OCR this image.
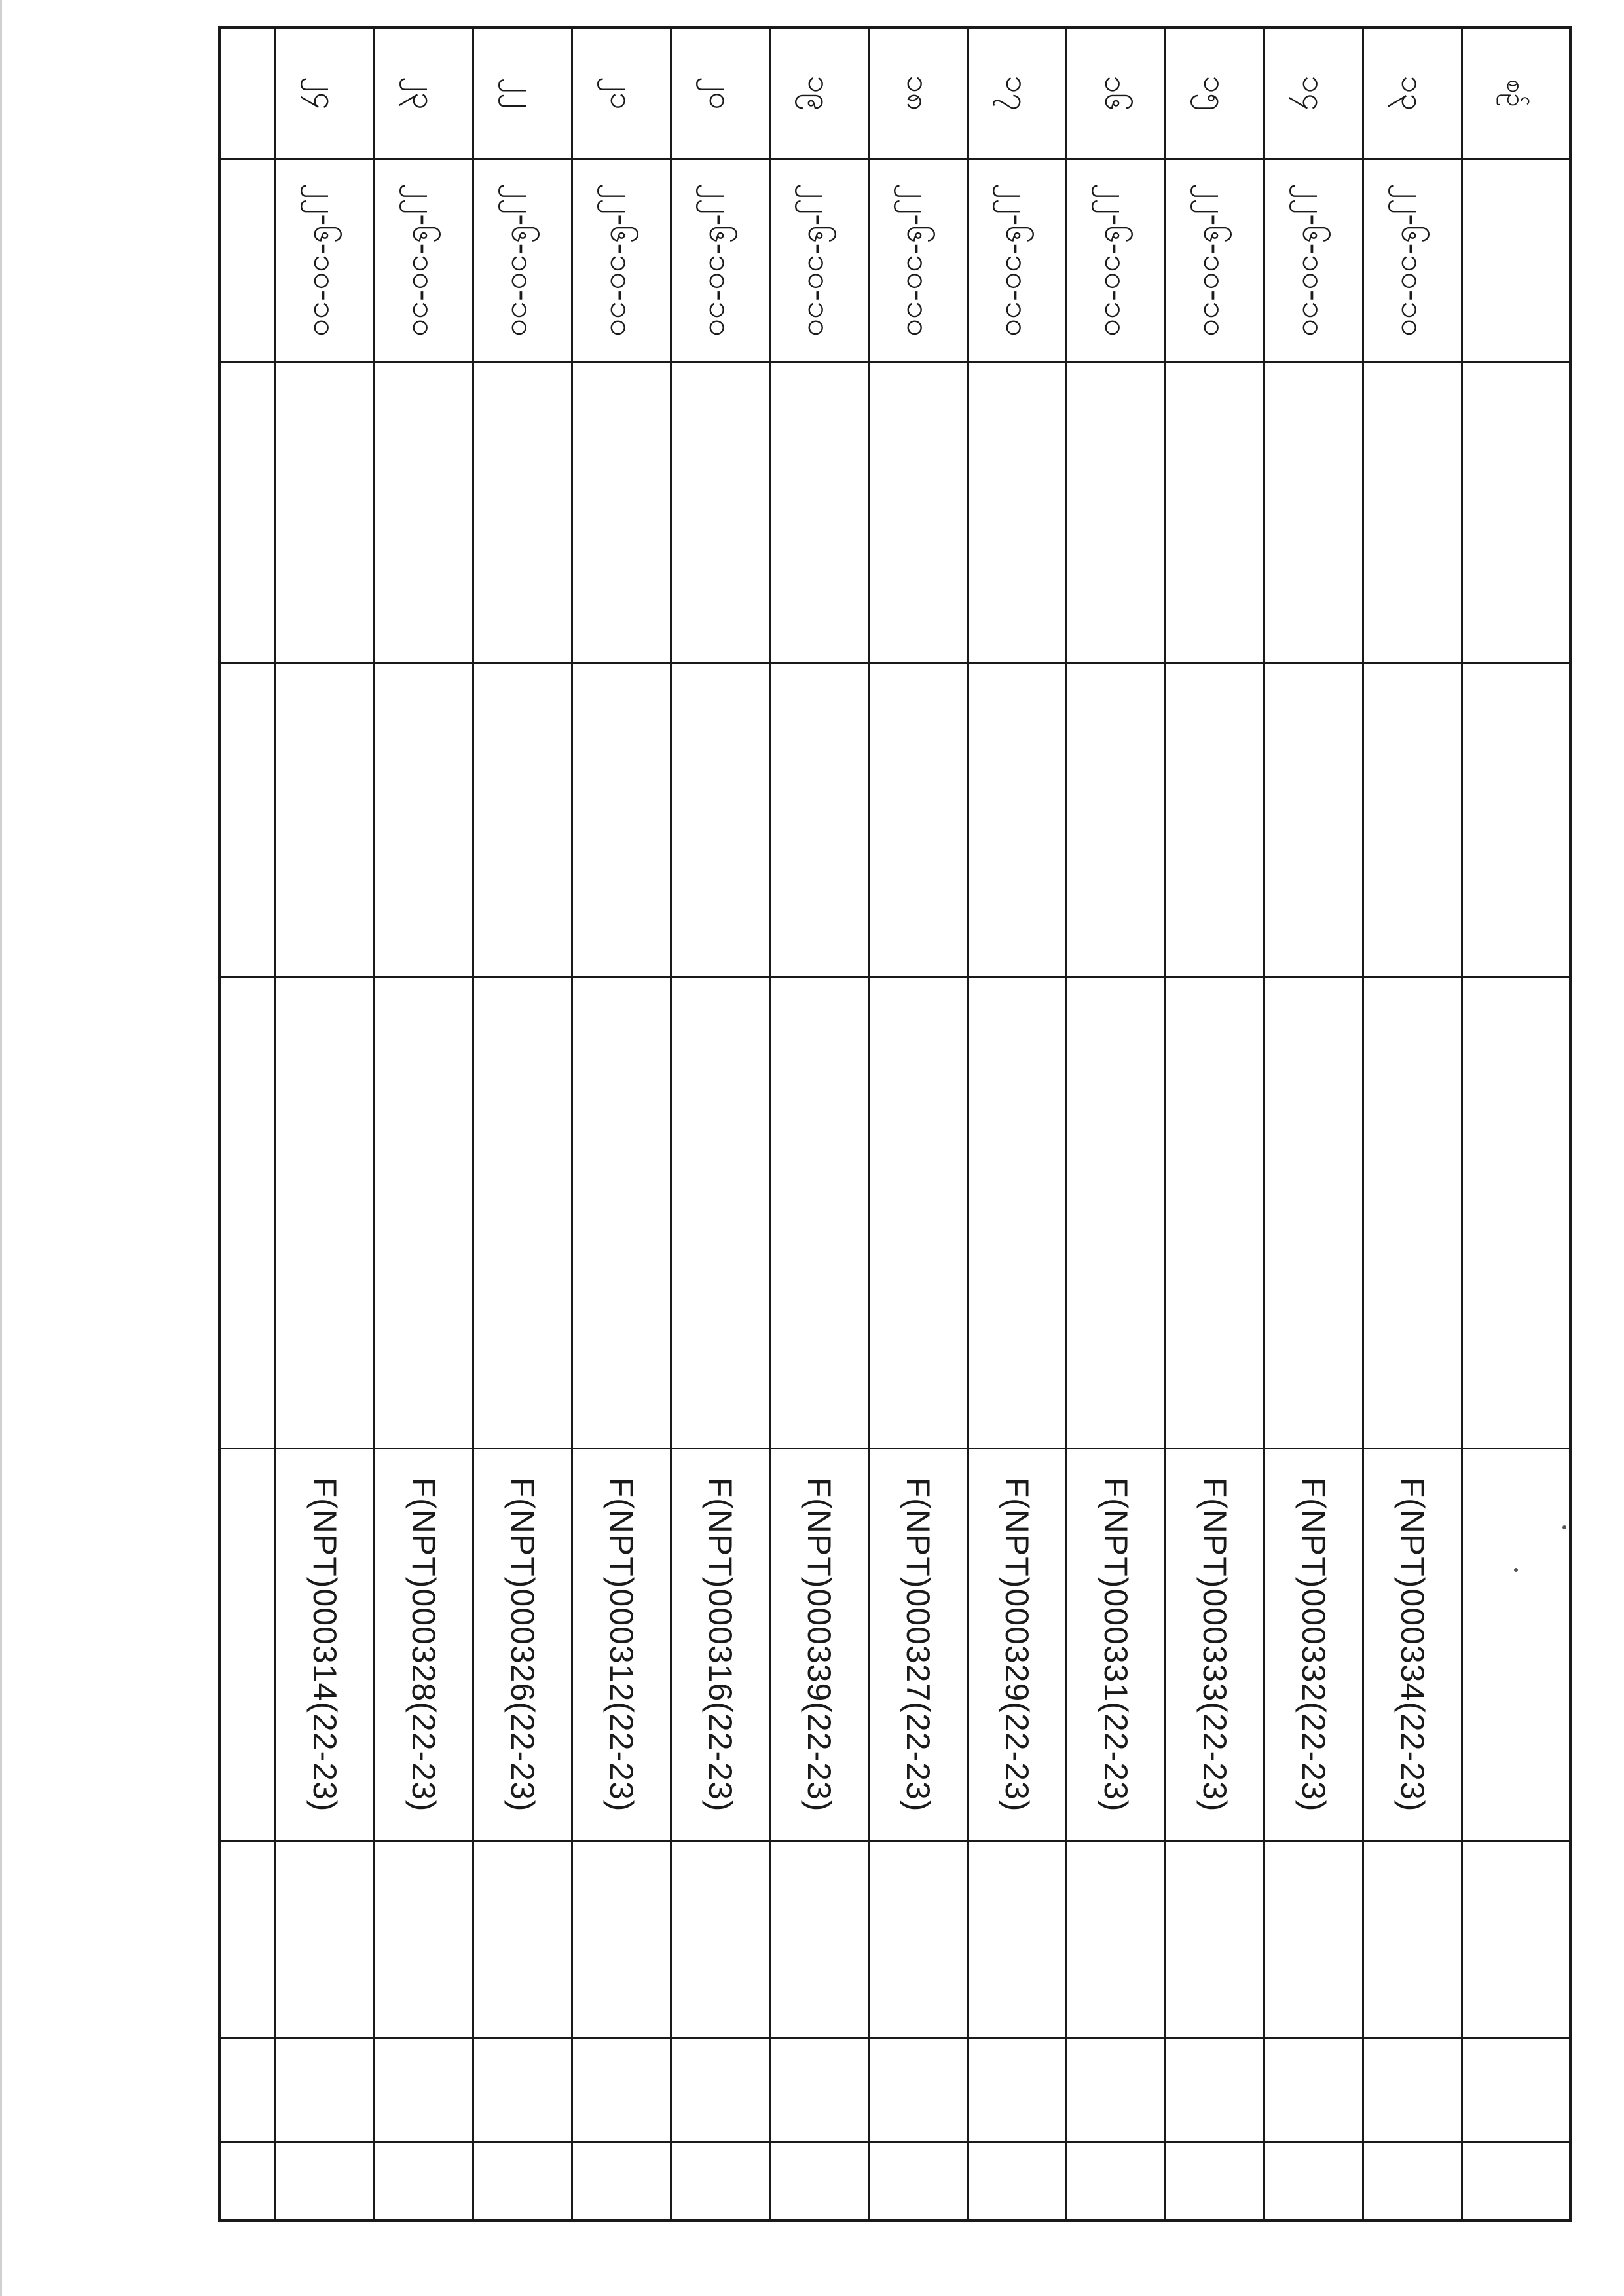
စဉ်								
၁၃	၂၂-၆-၁၀-၁၀				F(NPT)000334(22-23)			
၁၄	၂၂-၆-၁၀-၁၀				F(NPT)000332(22-23)			
၁၅	၂၂-၆-၁၀-၁၀				F(NPT)000333(22-23)			
၁၆	၂၂-၆-၁၀-၁၀				F(NPT)000331(22-23)			
၁၇	၂၂-၆-၁၀-၁၀				F(NPT)000329(22-23)			
၁၈	၂၂-၆-၁၀-၁၀				F(NPT)000327(22-23)			
၁၉	၂၂-၆-၁၀-၁၀				F(NPT)000339(22-23)			
၂၀	၂၂-၆-၁၀-၁၀				F(NPT)000316(22-23)			
၂၁	၂၂-၆-၁၀-၁၀				F(NPT)000312(22-23)			
၂၂	၂၂-၆-၁၀-၁၀				F(NPT)000326(22-23)			
၂၃	၂၂-၆-၁၀-၁၀				F(NPT)000328(22-23)			
၂၄	၂၂-၆-၁၀-၁၀				F(NPT)000314(22-23)			
